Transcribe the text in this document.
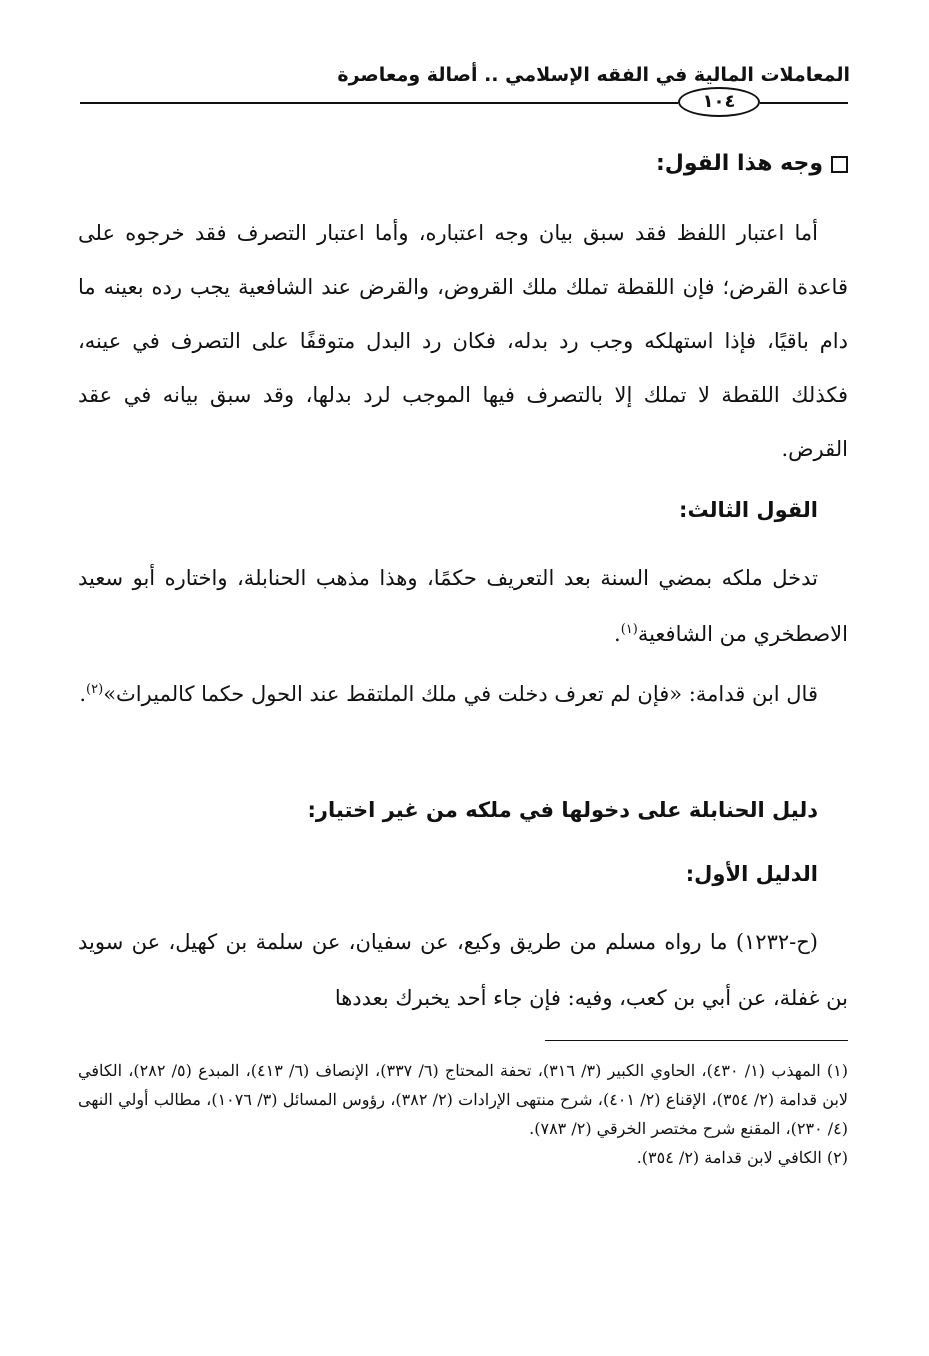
المعاملات المالية في الفقه الإسلامي .. أصالة ومعاصرة
١٠٤
وجه هذا القول:

أما اعتبار اللفظ فقد سبق بيان وجه اعتباره، وأما اعتبار التصرف فقد خرجوه على قاعدة القرض؛ فإن اللقطة تملك ملك القروض، والقرض عند الشافعية يجب رده بعينه ما دام باقيًا، فإذا استهلكه وجب رد بدله، فكان رد البدل متوقفًا على التصرف في عينه، فكذلك اللقطة لا تملك إلا بالتصرف فيها الموجب لرد بدلها، وقد سبق بيانه في عقد القرض.

القول الثالث:

تدخل ملكه بمضي السنة بعد التعريف حكمًا، وهذا مذهب الحنابلة، واختاره أبو سعيد الاصطخري من الشافعية$^{(١)}$.

قال ابن قدامة: «فإن لم تعرف دخلت في ملك الملتقط عند الحول حكما كالميراث»$^{(٢)}$.

دليل الحنابلة على دخولها في ملكه من غير اختيار:
الدليل الأول:

(ح-١٢٣٢) ما رواه مسلم من طريق وكيع، عن سفيان، عن سلمة بن كهيل، عن سويد بن غفلة، عن أبي بن كعب، وفيه: فإن جاء أحد يخبرك بعددها

(١) المهذب (١/ ٤٣٠)، الحاوي الكبير (٣/ ٣١٦)، تحفة المحتاج (٦/ ٣٣٧)، الإنصاف (٦/ ٤١٣)، المبدع (٥/ ٢٨٢)، الكافي لابن قدامة (٢/ ٣٥٤)، الإقناع (٢/ ٤٠١)، شرح منتهى الإرادات (٢/ ٣٨٢)، رؤوس المسائل (٣/ ١٠٧٦)، مطالب أولي النهى (٤/ ٢٣٠)، المقنع شرح مختصر الخرقي (٢/ ٧٨٣).

(٢) الكافي لابن قدامة (٢/ ٣٥٤).
